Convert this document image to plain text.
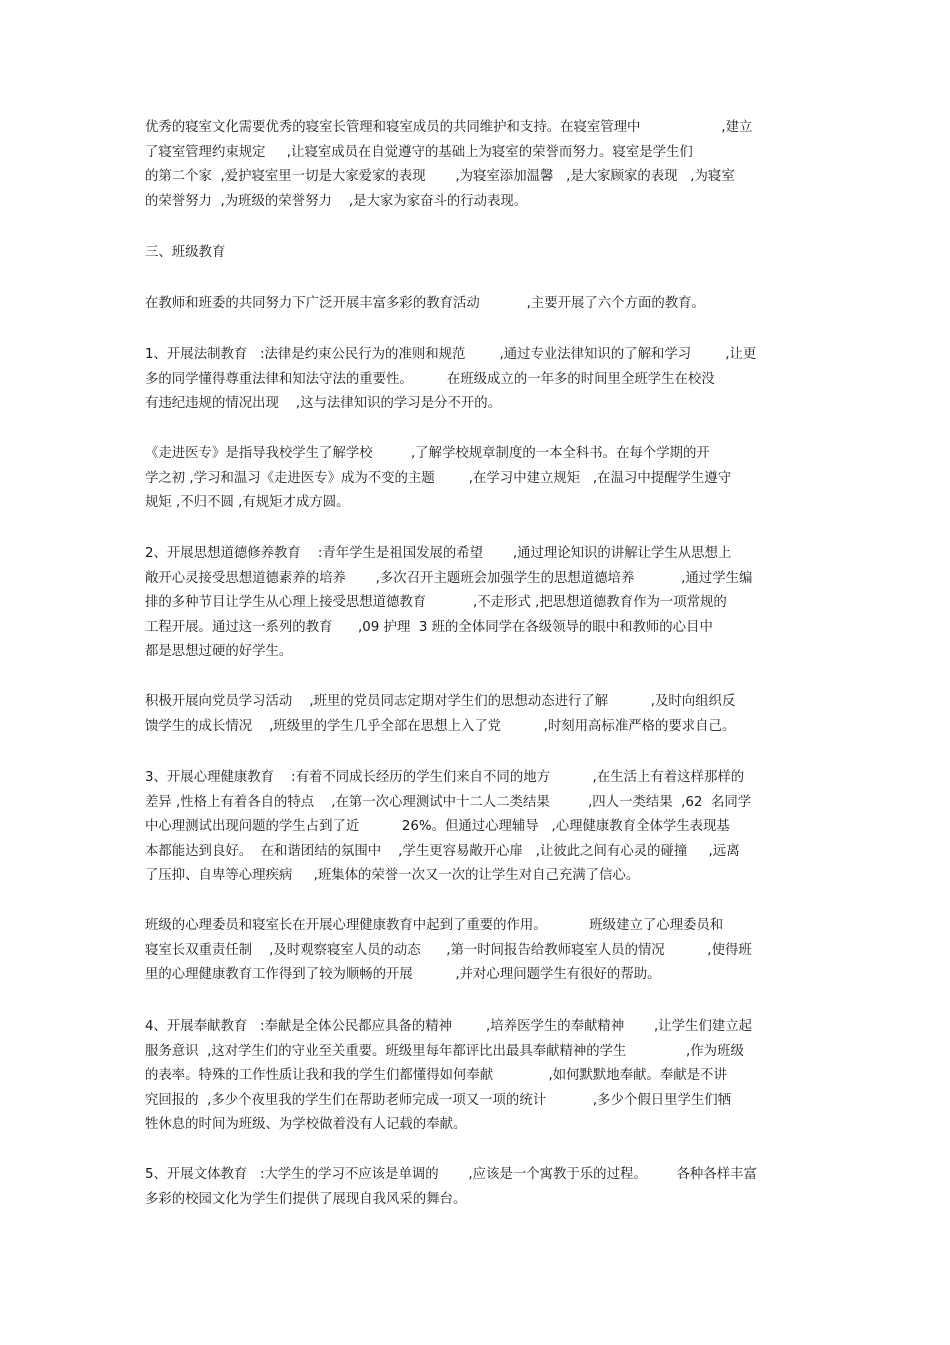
优秀的寝室文化需要优秀的寝室长管理和寝室成员的共同维护和支持。在寝室管理中                   ,建立
了寝室管理约束规定     ,让寝室成员在自觉遵守的基础上为寝室的荣誉而努力。寝室是学生们
的第二个家  ,爱护寝室里一切是大家爱家的表现       ,为寝室添加温馨   ,是大家顾家的表现   ,为寝室
的荣誉努力  ,为班级的荣誉努力    ,是大家为家奋斗的行动表现。
三、班级教育
在教师和班委的共同努力下广泛开展丰富多彩的教育活动           ,主要开展了六个方面的教育。
1、开展法制教育   :法律是约束公民行为的准则和规范        ,通过专业法律知识的了解和学习        ,让更
多的同学懂得尊重法律和知法守法的重要性。        在班级成立的一年多的时间里全班学生在校没
有违纪违规的情况出现    ,这与法律知识的学习是分不开的。
《走进医专》是指导我校学生了解学校         ,了解学校规章制度的一本全科书。在每个学期的开
学之初 ,学习和温习《走进医专》成为不变的主题        ,在学习中建立规矩   ,在温习中提醒学生遵守
规矩 ,不归不圆 ,有规矩才成方圆。
2、开展思想道德修养教育    :青年学生是祖国发展的希望       ,通过理论知识的讲解让学生从思想上
敞开心灵接受思想道德素养的培养       ,多次召开主题班会加强学生的思想道德培养           ,通过学生编
排的多种节目让学生从心理上接受思想道德教育           ,不走形式 ,把思想道德教育作为一项常规的
工程开展。通过这一系列的教育      ,09 护理  3 班的全体同学在各级领导的眼中和教师的心目中
都是思想过硬的好学生。
积极开展向党员学习活动    ,班里的党员同志定期对学生们的思想动态进行了解          ,及时向组织反
馈学生的成长情况    ,班级里的学生几乎全部在思想上入了党          ,时刻用高标准严格的要求自己。
3、开展心理健康教育    :有着不同成长经历的学生们来自不同的地方          ,在生活上有着这样那样的
差异 ,性格上有着各自的特点    ,在第一次心理测试中十二人二类结果         ,四人一类结果  ,62  名同学
中心理测试出现问题的学生占到了近          26%。但通过心理辅导   ,心理健康教育全体学生表现基
本都能达到良好。  在和谐团结的氛围中    ,学生更容易敞开心扉   ,让彼此之间有心灵的碰撞     ,远离
了压抑、自卑等心理疾病     ,班集体的荣誉一次又一次的让学生对自己充满了信心。
班级的心理委员和寝室长在开展心理健康教育中起到了重要的作用。          班级建立了心理委员和
寝室长双重责任制    ,及时观察寝室人员的动态      ,第一时间报告给教师寝室人员的情况          ,使得班
里的心理健康教育工作得到了较为顺畅的开展          ,并对心理问题学生有很好的帮助。
4、开展奉献教育   :奉献是全体公民都应具备的精神        ,培养医学生的奉献精神       ,让学生们建立起
服务意识  ,这对学生们的守业至关重要。班级里每年都评比出最具奉献精神的学生              ,作为班级
的表率。特殊的工作性质让我和我的学生们都懂得如何奉献             ,如何默默地奉献。奉献是不讲
究回报的  ,多少个夜里我的学生们在帮助老师完成一项又一项的统计           ,多少个假日里学生们牺
牲休息的时间为班级、为学校做着没有人记载的奉献。
5、开展文体教育   :大学生的学习不应该是单调的       ,应该是一个寓教于乐的过程。       各种各样丰富
多彩的校园文化为学生们提供了展现自我风采的舞台。
